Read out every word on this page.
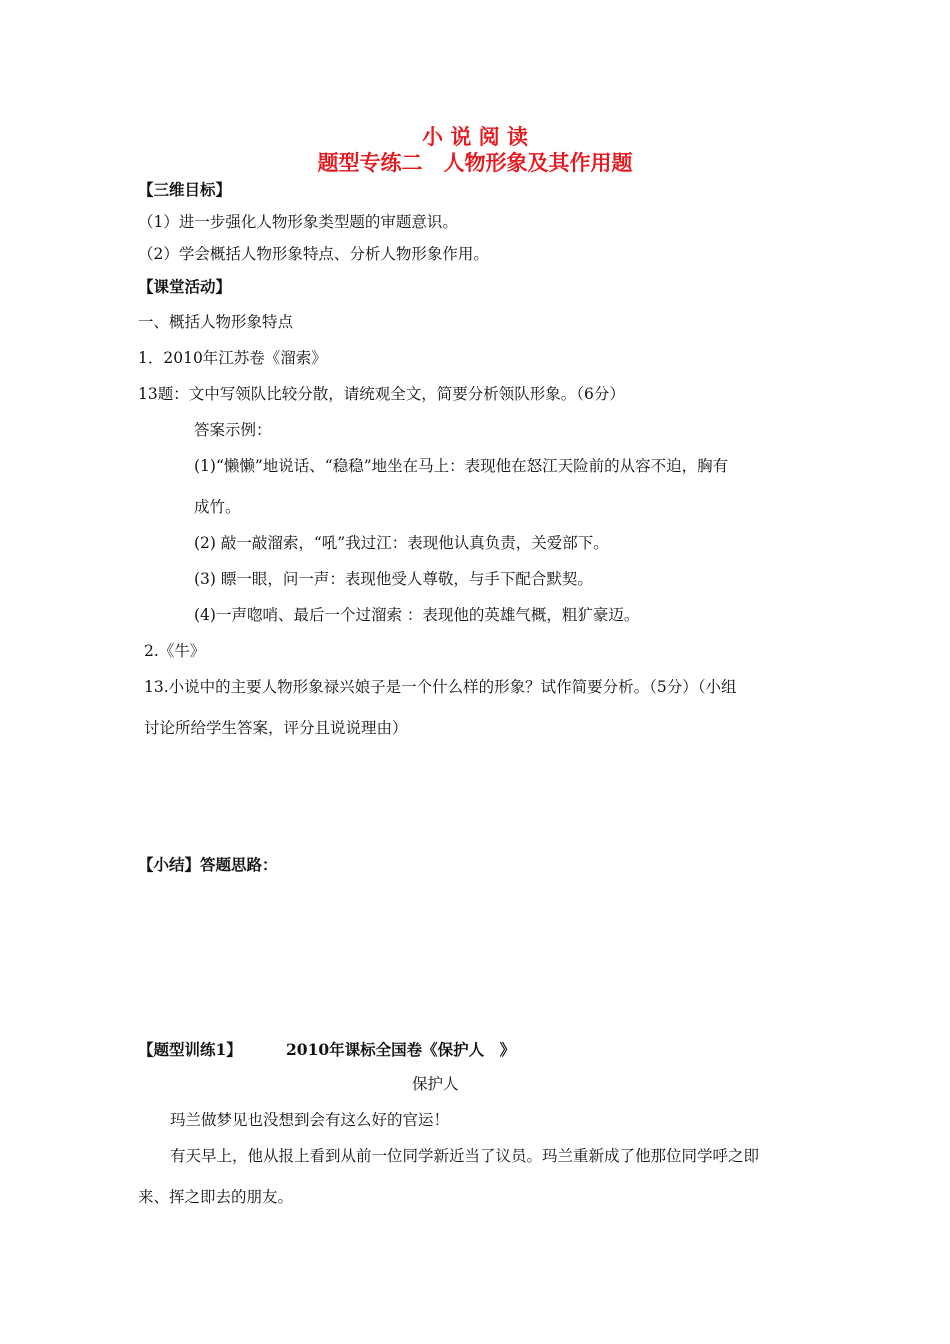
小 说 阅 读
题型专练二　人物形象及其作用题
【三维目标】
（1）进一步强化人物形象类型题的审题意识。
（2）学会概括人物形象特点、分析人物形象作用。
【课堂活动】
一、概括人物形象特点
1．2010年江苏卷《溜索》
13题：文中写领队比较分散，请统观全文，简要分析领队形象。（6分）
答案示例：
(1)“懒懒”地说话、“稳稳”地坐在马上：表现他在怒江天险前的从容不迫，胸有
成竹。
(2) 敲一敲溜索，“吼”我过江：表现他认真负责，关爱部下。
(3) 瞟一眼，问一声：表现他受人尊敬，与手下配合默契。
(4)一声唿哨、最后一个过溜索 ：表现他的英雄气概，粗犷豪迈。
2.《牛》
13.小说中的主要人物形象禄兴娘子是一个什么样的形象？试作简要分析。（5分）（小组
讨论所给学生答案，评分且说说理由）
【小结】答题思路：
【题型训练1】	2010年课标全国卷《保护人　》
保护人
玛兰做梦见也没想到会有这么好的官运！
有天早上，他从报上看到从前一位同学新近当了议员。玛兰重新成了他那位同学呼之即
来、挥之即去的朋友。
